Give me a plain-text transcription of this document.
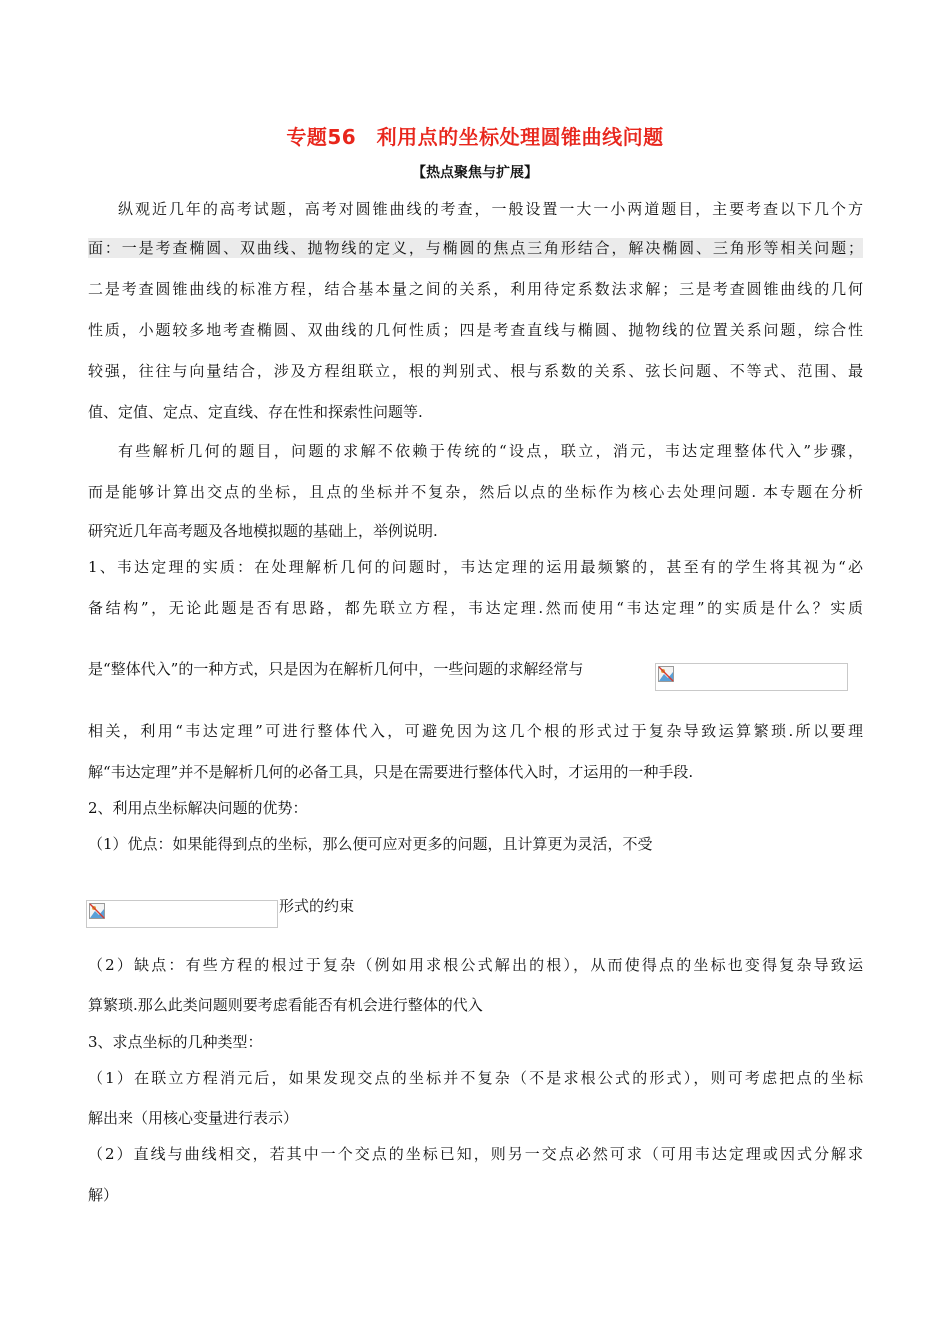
专题56　利用点的坐标处理圆锥曲线问题
【热点聚焦与扩展】
纵观近几年的高考试题，高考对圆锥曲线的考查，一般设置一大一小两道题目，主要考查以下几个方
面：一是考查椭圆、双曲线、抛物线的定义，与椭圆的焦点三角形结合，解决椭圆、三角形等相关问题；
二是考查圆锥曲线的标准方程，结合基本量之间的关系，利用待定系数法求解；三是考查圆锥曲线的几何
性质，小题较多地考查椭圆、双曲线的几何性质；四是考查直线与椭圆、抛物线的位置关系问题，综合性
较强，往往与向量结合，涉及方程组联立，根的判别式、根与系数的关系、弦长问题、不等式、范围、最
值、定值、定点、定直线、存在性和探索性问题等.
有些解析几何的题目，问题的求解不依赖于传统的“设点，联立，消元，韦达定理整体代入”步骤，
而是能够计算出交点的坐标，且点的坐标并不复杂，然后以点的坐标作为核心去处理问题. 本专题在分析
研究近几年高考题及各地模拟题的基础上，举例说明.
1、韦达定理的实质：在处理解析几何的问题时，韦达定理的运用最频繁的，甚至有的学生将其视为“必
备结构”，无论此题是否有思路，都先联立方程，韦达定理.然而使用“韦达定理”的实质是什么？实质
是“整体代入”的一种方式，只是因为在解析几何中，一些问题的求解经常与
相关，利用“韦达定理”可进行整体代入，可避免因为这几个根的形式过于复杂导致运算繁琐.所以要理
解“韦达定理”并不是解析几何的必备工具，只是在需要进行整体代入时，才运用的一种手段.
2、利用点坐标解决问题的优势：
（1）优点：如果能得到点的坐标，那么便可应对更多的问题，且计算更为灵活，不受
形式的约束
（2）缺点：有些方程的根过于复杂（例如用求根公式解出的根），从而使得点的坐标也变得复杂导致运
算繁琐.那么此类问题则要考虑看能否有机会进行整体的代入
3、求点坐标的几种类型：
（1）在联立方程消元后，如果发现交点的坐标并不复杂（不是求根公式的形式），则可考虑把点的坐标
解出来（用核心变量进行表示）
（2）直线与曲线相交，若其中一个交点的坐标已知，则另一交点必然可求（可用韦达定理或因式分解求
解）
